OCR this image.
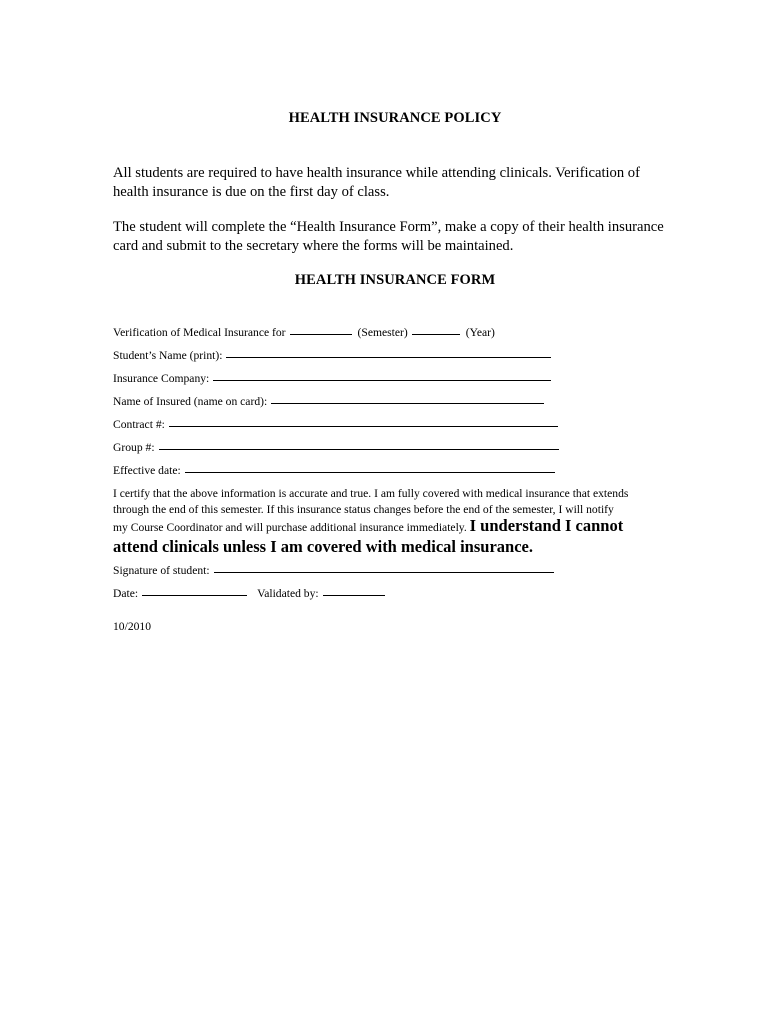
HEALTH INSURANCE POLICY
All students are required to have health insurance while attending clinicals. Verification of health insurance is due on the first day of class.
The student will complete the “Health Insurance Form”, make a copy of their health insurance card and submit to the secretary where the forms will be maintained.
HEALTH INSURANCE FORM
Verification of Medical Insurance for	(Semester)	(Year)
Student’s Name (print):
Insurance Company:
Name of Insured (name on card):
Contract #:
Group #:
Effective date:
I certify that the above information is accurate and true. I am fully covered with medical insurance that extends
through the end of this semester. If this insurance status changes before the end of the semester, I will notify
my Course Coordinator and will purchase additional insurance immediately. I understand I cannot
attend clinicals unless I am covered with medical insurance.
Signature of student:
Date:	Validated by:
10/2010
